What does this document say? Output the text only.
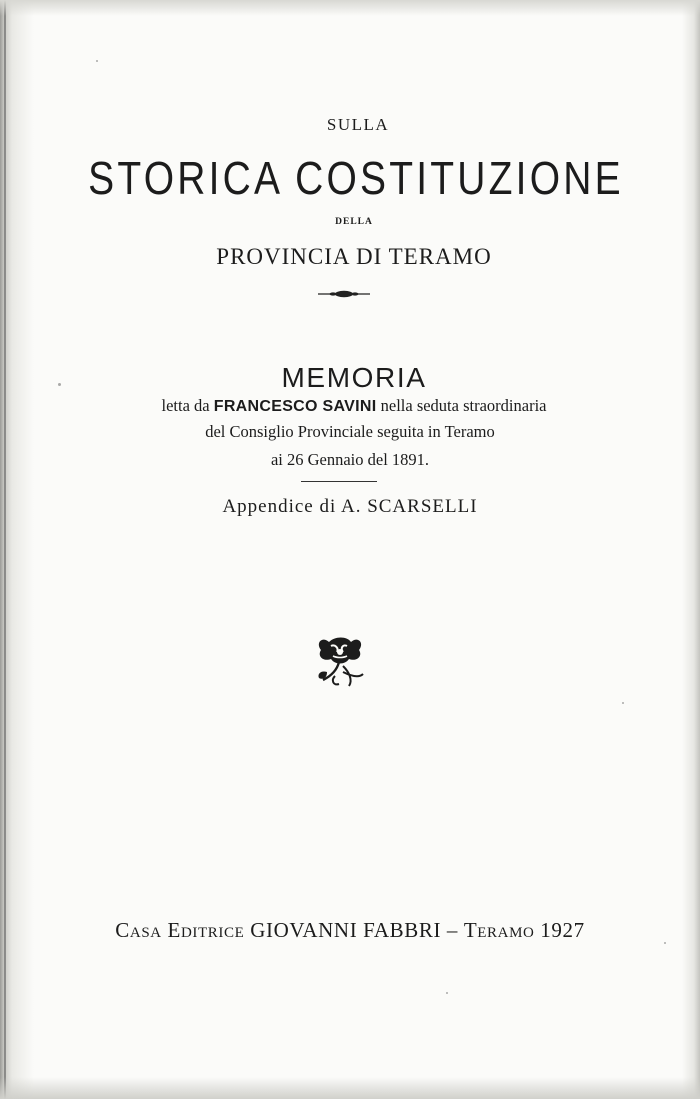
SULLA
STORICA COSTITUZIONE
DELLA
PROVINCIA DI TERAMO
MEMORIA
letta da FRANCESCO SAVINI nella seduta straordinaria
del Consiglio Provinciale seguita in Teramo
ai 26 Gennaio del 1891.
Appendice di A. SCARSELLI
Casa Editrice GIOVANNI FABBRI – Teramo 1927
